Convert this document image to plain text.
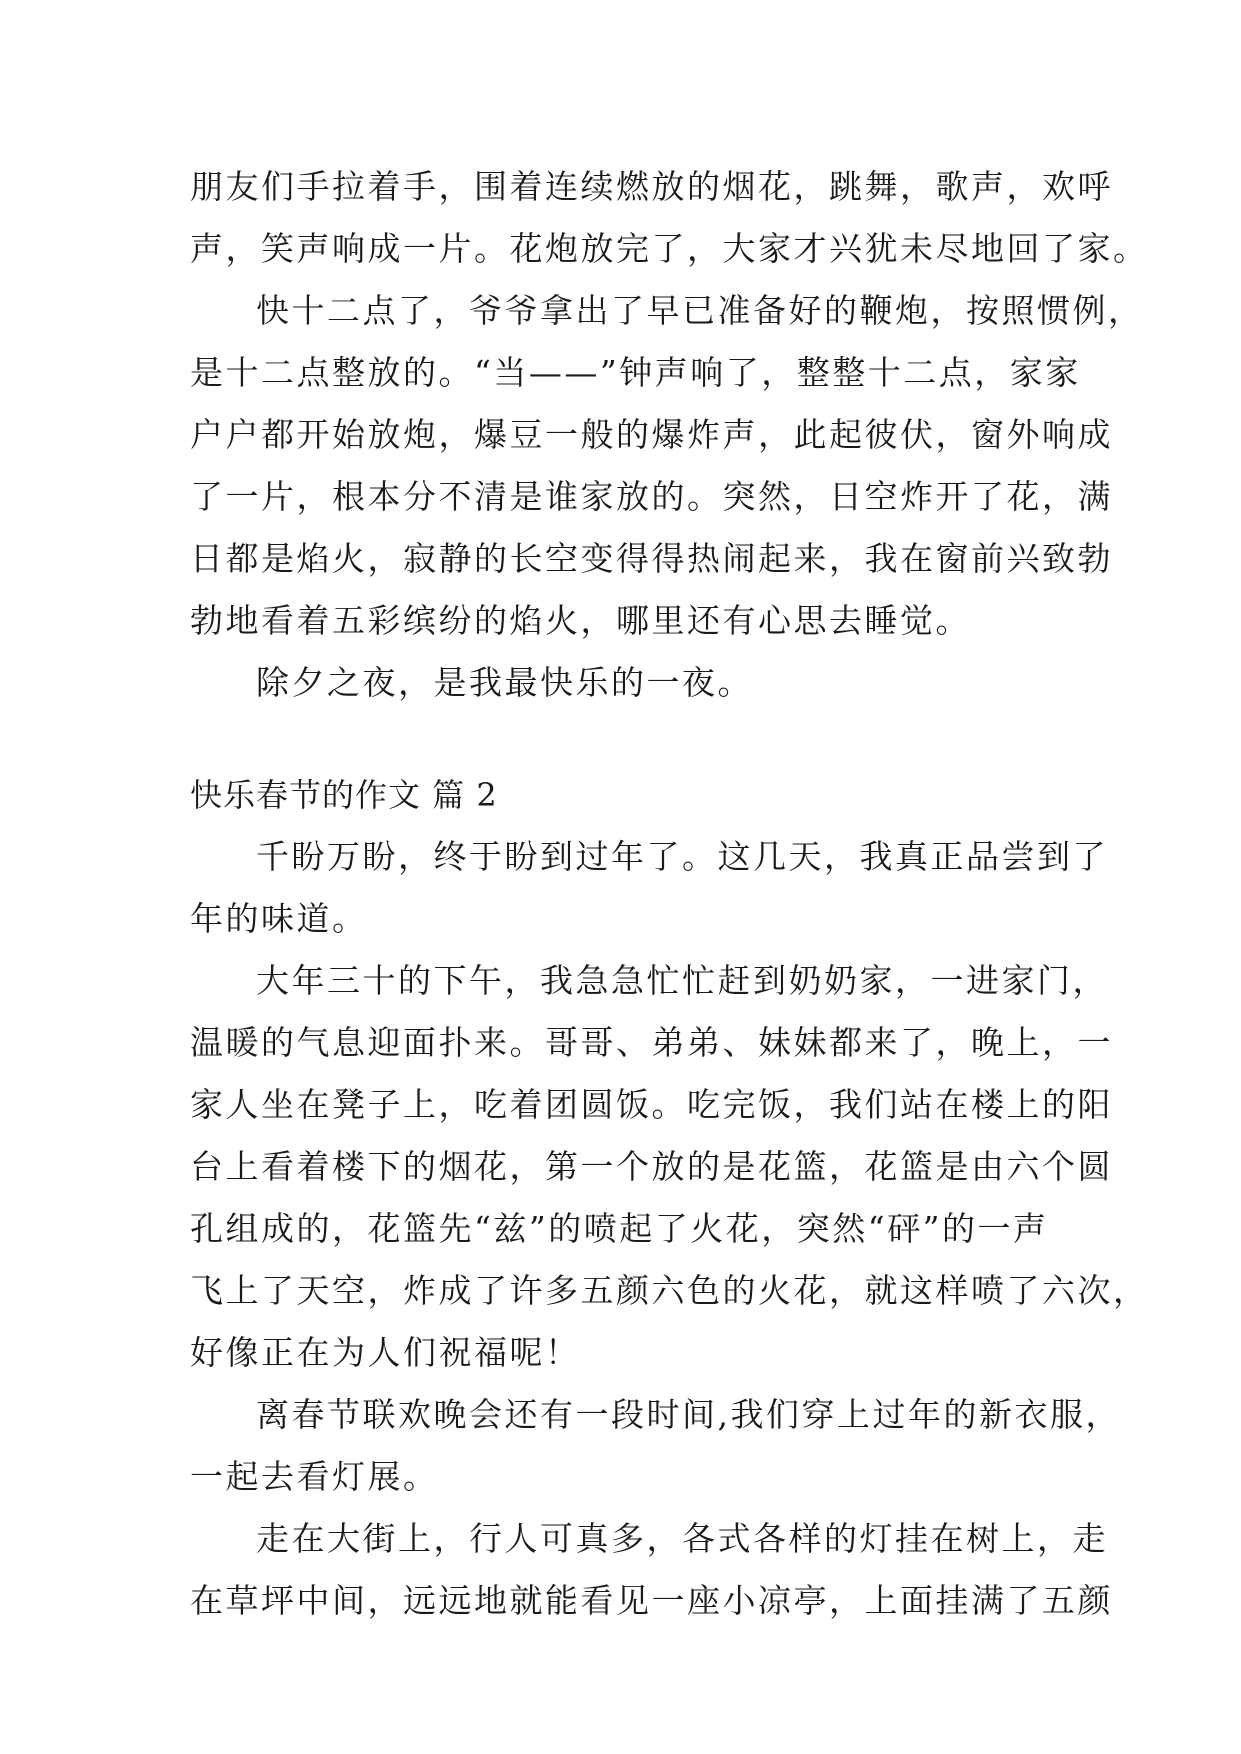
朋友们手拉着手，围着连续燃放的烟花，跳舞，歌声，欢呼
声，笑声响成一片。花炮放完了，大家才兴犹未尽地回了家。
快十二点了，爷爷拿出了早已准备好的鞭炮，按照惯例，
是十二点整放的。“当——”钟声响了，整整十二点，家家
户户都开始放炮，爆豆一般的爆炸声，此起彼伏，窗外响成
了一片，根本分不清是谁家放的。突然，日空炸开了花，满
日都是焰火，寂静的长空变得得热闹起来，我在窗前兴致勃
勃地看着五彩缤纷的焰火，哪里还有心思去睡觉。
除夕之夜，是我最快乐的一夜。
快乐春节的作文 篇 2
千盼万盼，终于盼到过年了。这几天，我真正品尝到了
年的味道。
大年三十的下午，我急急忙忙赶到奶奶家，一进家门，
温暖的气息迎面扑来。哥哥、弟弟、妹妹都来了，晚上，一
家人坐在凳子上，吃着团圆饭。吃完饭，我们站在楼上的阳
台上看着楼下的烟花，第一个放的是花篮，花篮是由六个圆
孔组成的，花篮先“兹”的喷起了火花，突然“砰”的一声
飞上了天空，炸成了许多五颜六色的火花，就这样喷了六次，
好像正在为人们祝福呢！
离春节联欢晚会还有一段时间,我们穿上过年的新衣服，
一起去看灯展。
走在大街上，行人可真多，各式各样的灯挂在树上，走
在草坪中间，远远地就能看见一座小凉亭，上面挂满了五颜
